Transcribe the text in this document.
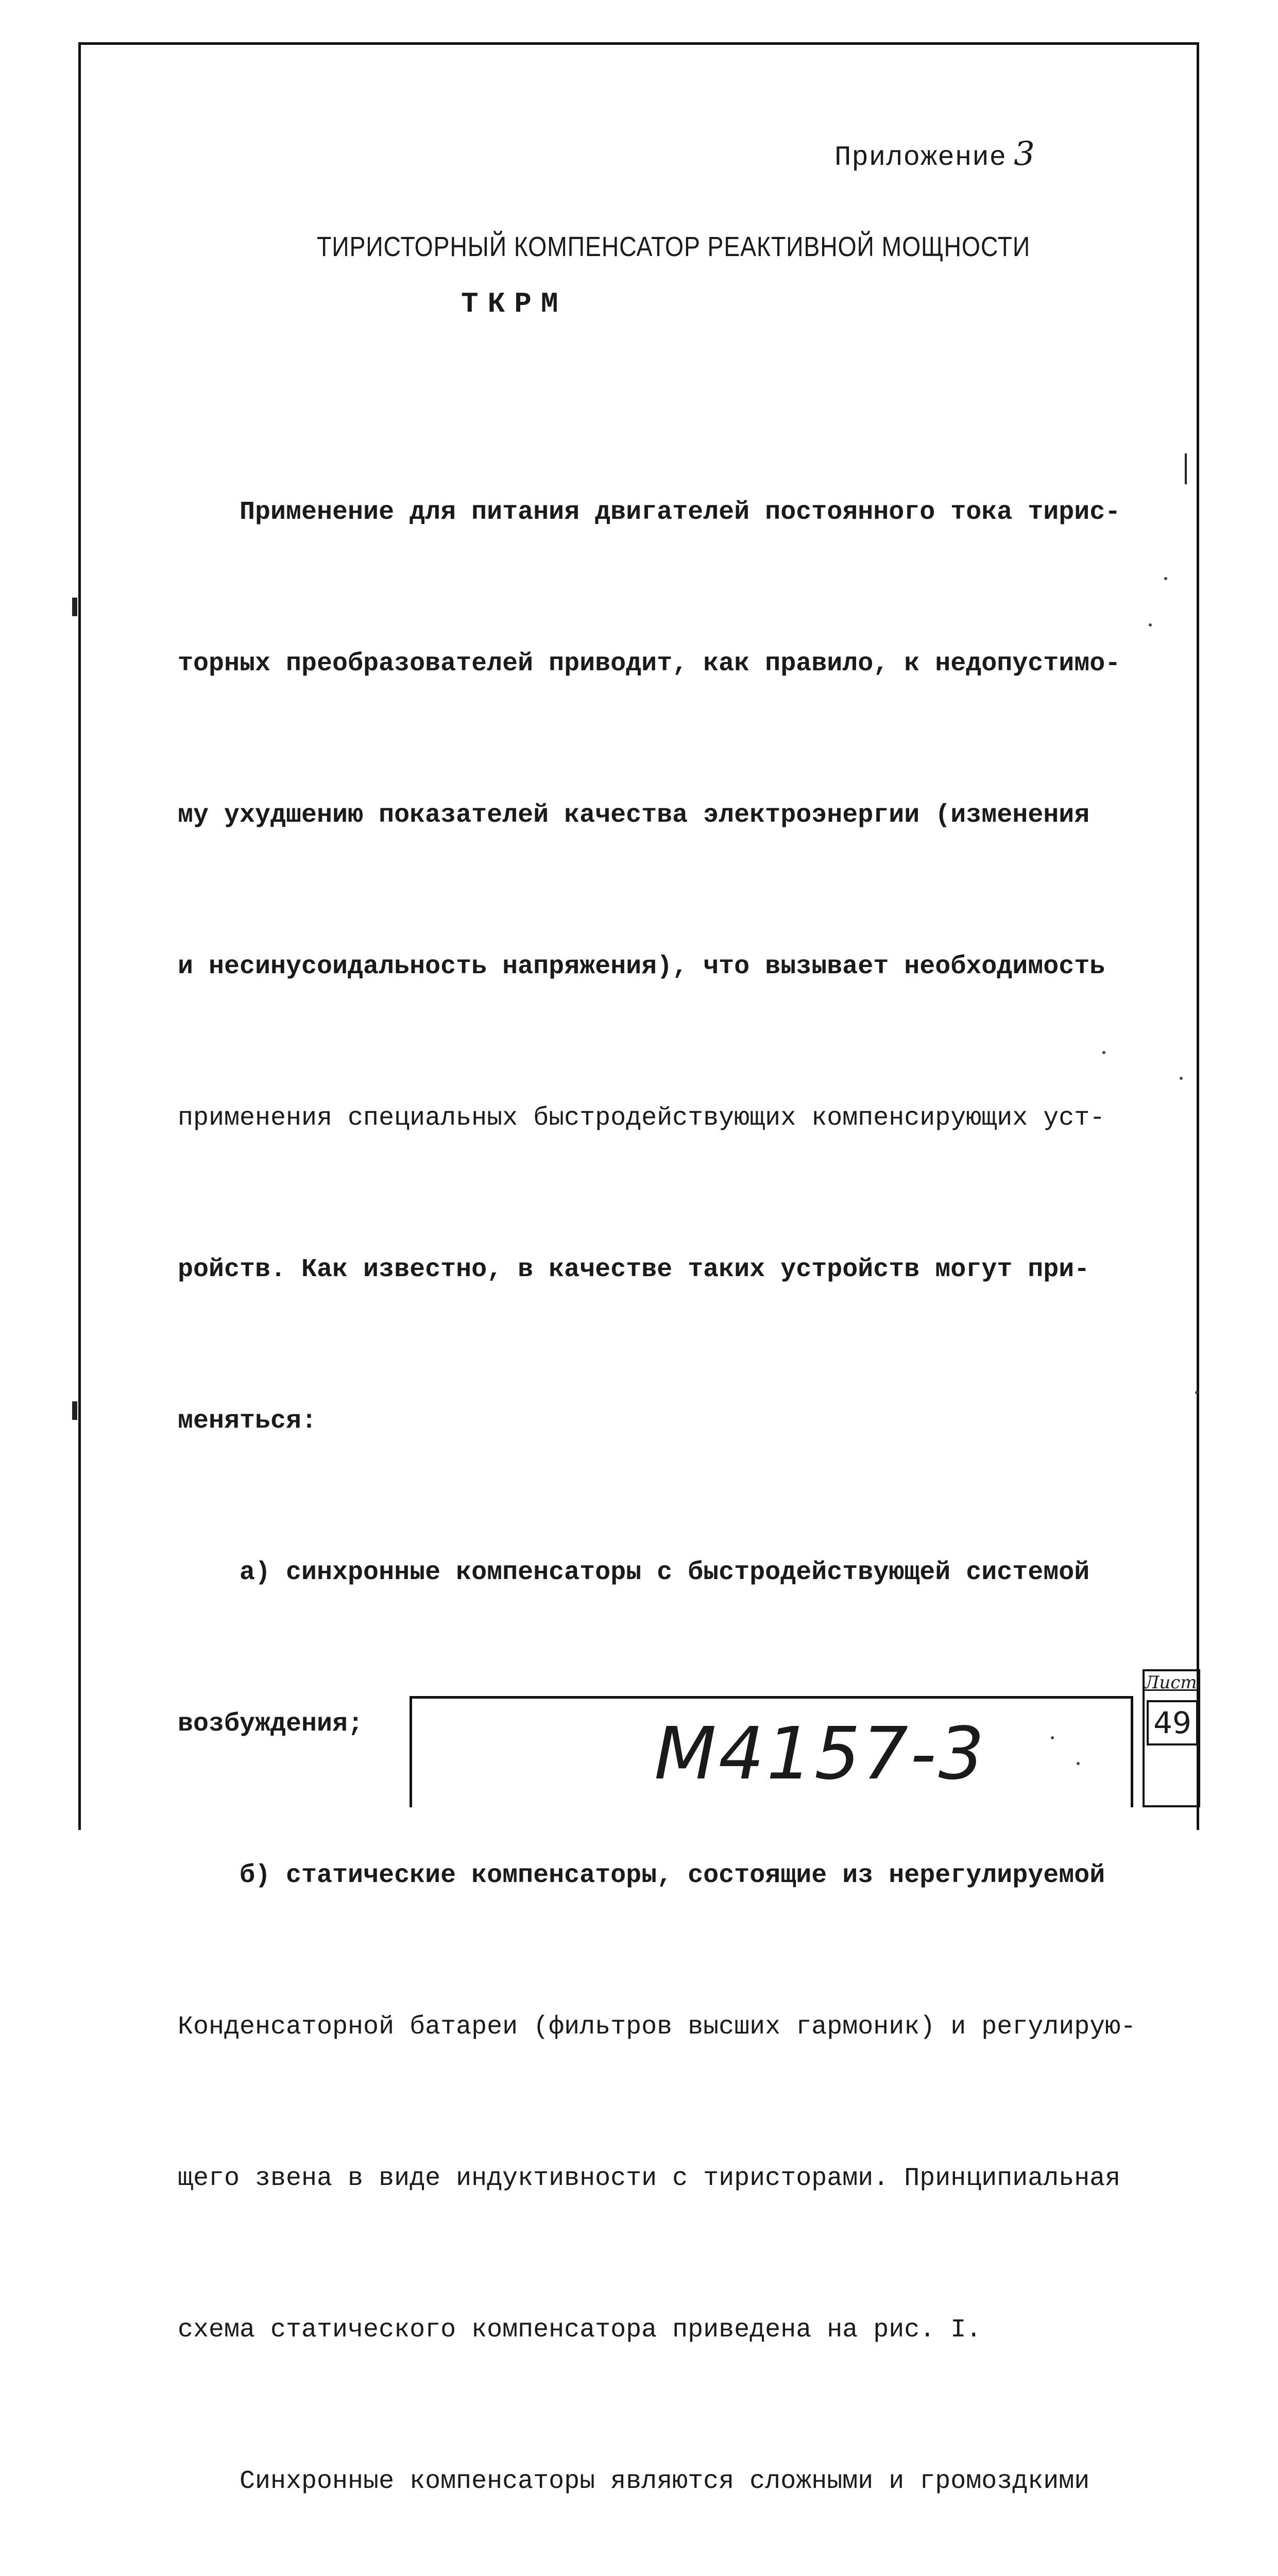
Приложение 3
ТИРИСТОРНЫЙ КОМПЕНСАТОР РЕАКТИВНОЙ МОЩНОСТИ
ТКРМ

Применение для питания двигателей постоянного тока тирис-

торных преобразователей приводит, как правило, к недопустимо-

му ухудшению показателей качества электроэнергии (изменения

и несинусоидальность напряжения), что вызывает необходимость

применения специальных быстродействующих компенсирующих уст-

ройств. Как известно, в качестве таких устройств могут при-

меняться:

а) синхронные компенсаторы с быстродействующей системой

возбуждения;

б) статические компенсаторы, состоящие из нерегулируемой

Конденсаторной батареи (фильтров высших гармоник) и регулирую-

щего звена в виде индуктивности с тиристорами. Принципиальная

схема статического компенсатора приведена на рис. I.

Синхронные компенсаторы являются сложными и громоздкими

М4157-3
Лист
49
